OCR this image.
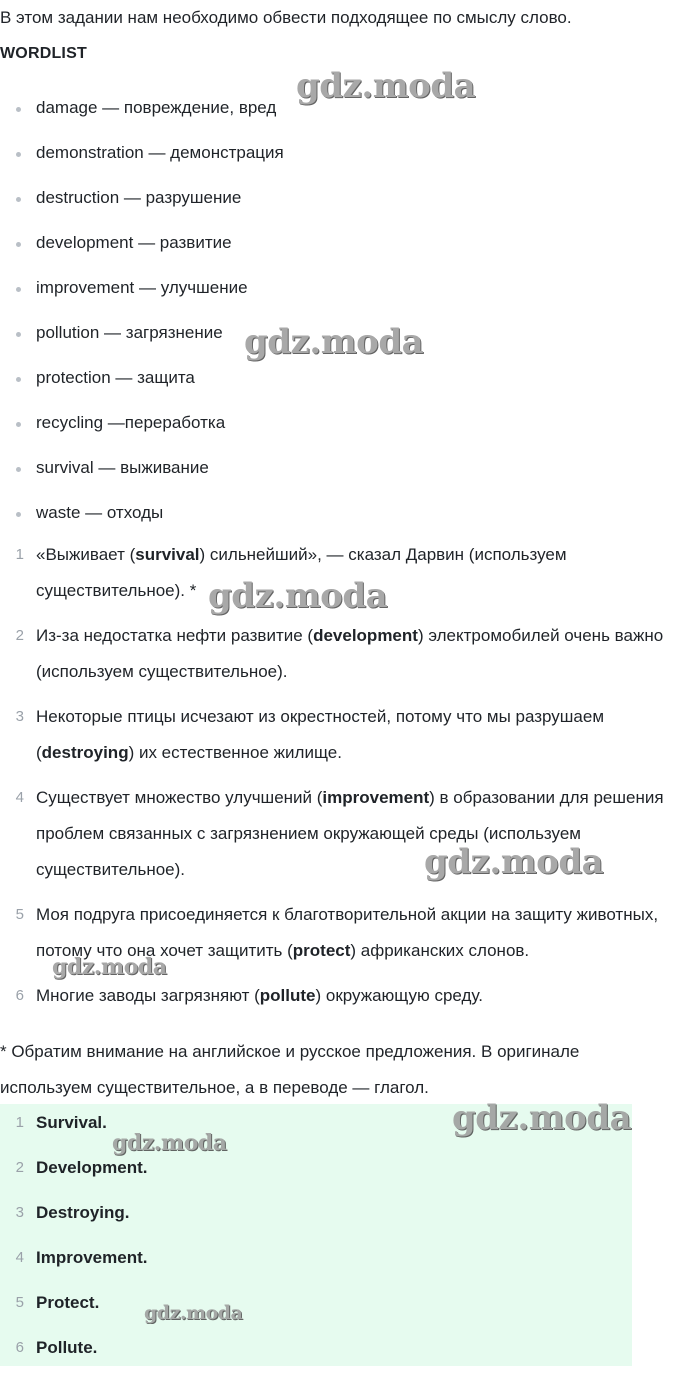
В этом задании нам необходимо обвести подходящее по смыслу слово.

WORDLIST
damage — повреждение, вред
demonstration — демонстрация
destruction — разрушение
development — развитие
improvement — улучшение
pollution — загрязнение
protection — защита
recycling —переработка
survival — выживание
waste — отходы
1 «Выживает (survival) сильнейший», — сказал Дарвин (используем существительное). *
2 Из-за недостатка нефти развитие (development) электромобилей очень важно (используем существительное).
3 Некоторые птицы исчезают из окрестностей, потому что мы разрушаем (destroying) их естественное жилище.
4 Существует множество улучшений (improvement) в образовании для решения проблем связанных с загрязнением окружающей среды (используем существительное).
5 Моя подруга присоединяется к благотворительной акции на защиту животных, потому что она хочет защитить (protect) африканских слонов.
6 Многие заводы загрязняют (pollute) окружающую среду.

* Обратим внимание на английское и русское предложения. В оригинале используем существительное, а в переводе — глагол.

1 Survival.
2 Development.
3 Destroying.
4 Improvement.
5 Protect.
6 Pollute.
gdz.moda
gdz.moda
gdz.moda
gdz.moda
gdz.moda
gdz.moda
gdz.moda
gdz.moda
